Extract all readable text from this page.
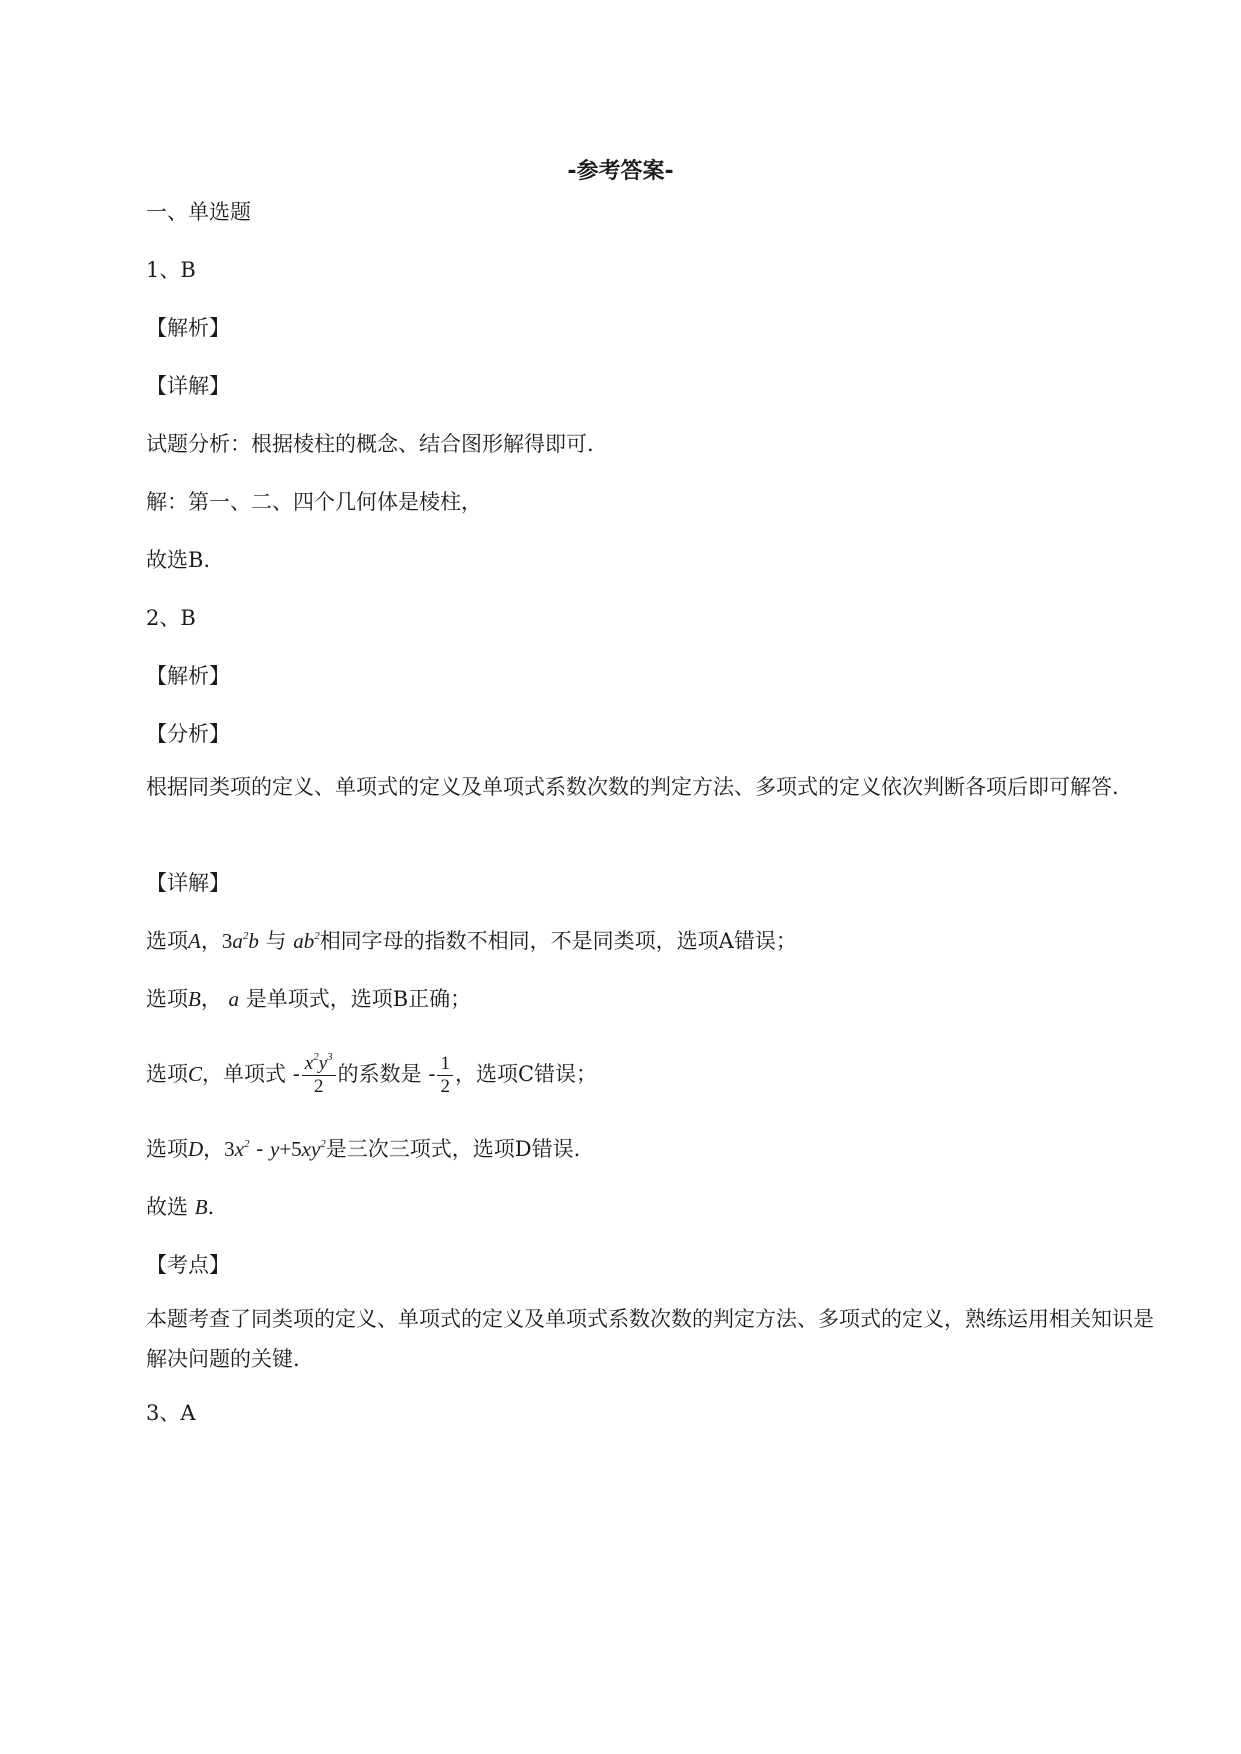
-参考答案-

一、单选题

1、B

【解析】

【详解】

试题分析：根据棱柱的概念、结合图形解得即可.

解：第一、二、四个几何体是棱柱，

故选B.

2、B

【解析】

【分析】

根据同类项的定义、单项式的定义及单项式系数次数的判定方法、多项式的定义依次判断各项后即可解答.

【详解】

选项A，$3a^2b$ 与 $ab^2$相同字母的指数不相同，不是同类项，选项A错误；

选项B， a 是单项式，选项B正确；

选项C，单项式 - $\frac{x^2y^3}{2}$ 的系数是 - $\frac{1}{2}$ ，选项C错误；

选项D，$3x^2 - y+5xy^2$是三次三项式，选项D错误.

故选 B.

【考点】

本题考查了同类项的定义、单项式的定义及单项式系数次数的判定方法、多项式的定义，熟练运用相关知识是解决问题的关键.

3、A
